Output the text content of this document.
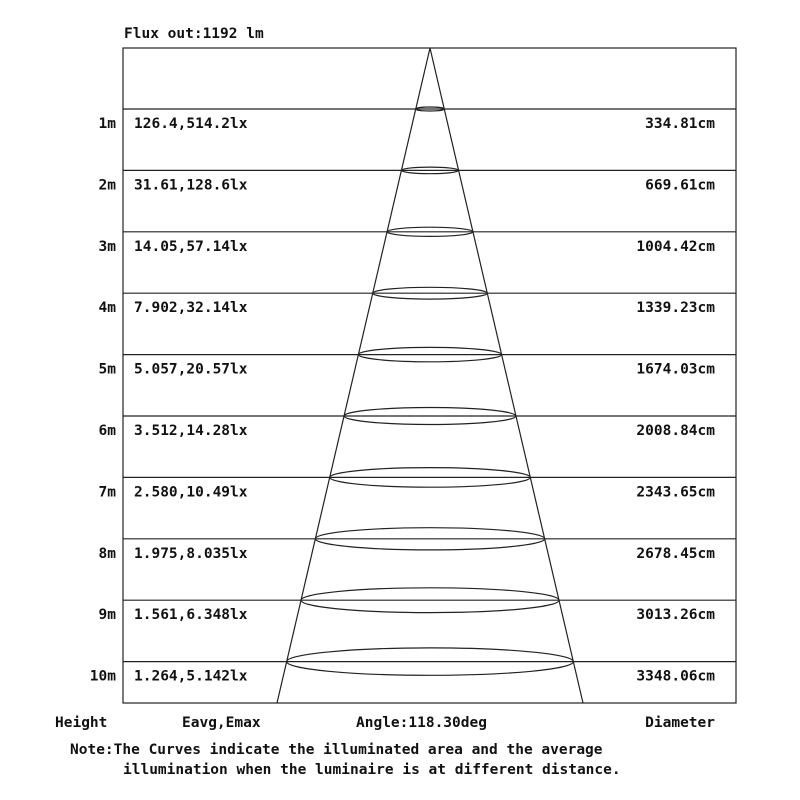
Flux out:1192 lm
1m 126.4,514.2lx	334.81cm
2m 31.61,128.6lx	669.61cm
3m 14.05,57.14lx	1004.42cm
4m 7.902,32.14lx	1339.23cm
5m 5.057,20.57lx	1674.03cm
6m 3.512,14.28lx	2008.84cm
7m 2.580,10.49lx	2343.65cm
8m 1.975,8.035lx	2678.45cm
9m 1.561,6.348lx	3013.26cm
10m 1.264,5.142lx	3348.06cm
Height	Eavg,Emax	Angle:118.30deg	Diameter
Note:The Curves indicate the illuminated area and the average
illumination when the luminaire is at different distance.
